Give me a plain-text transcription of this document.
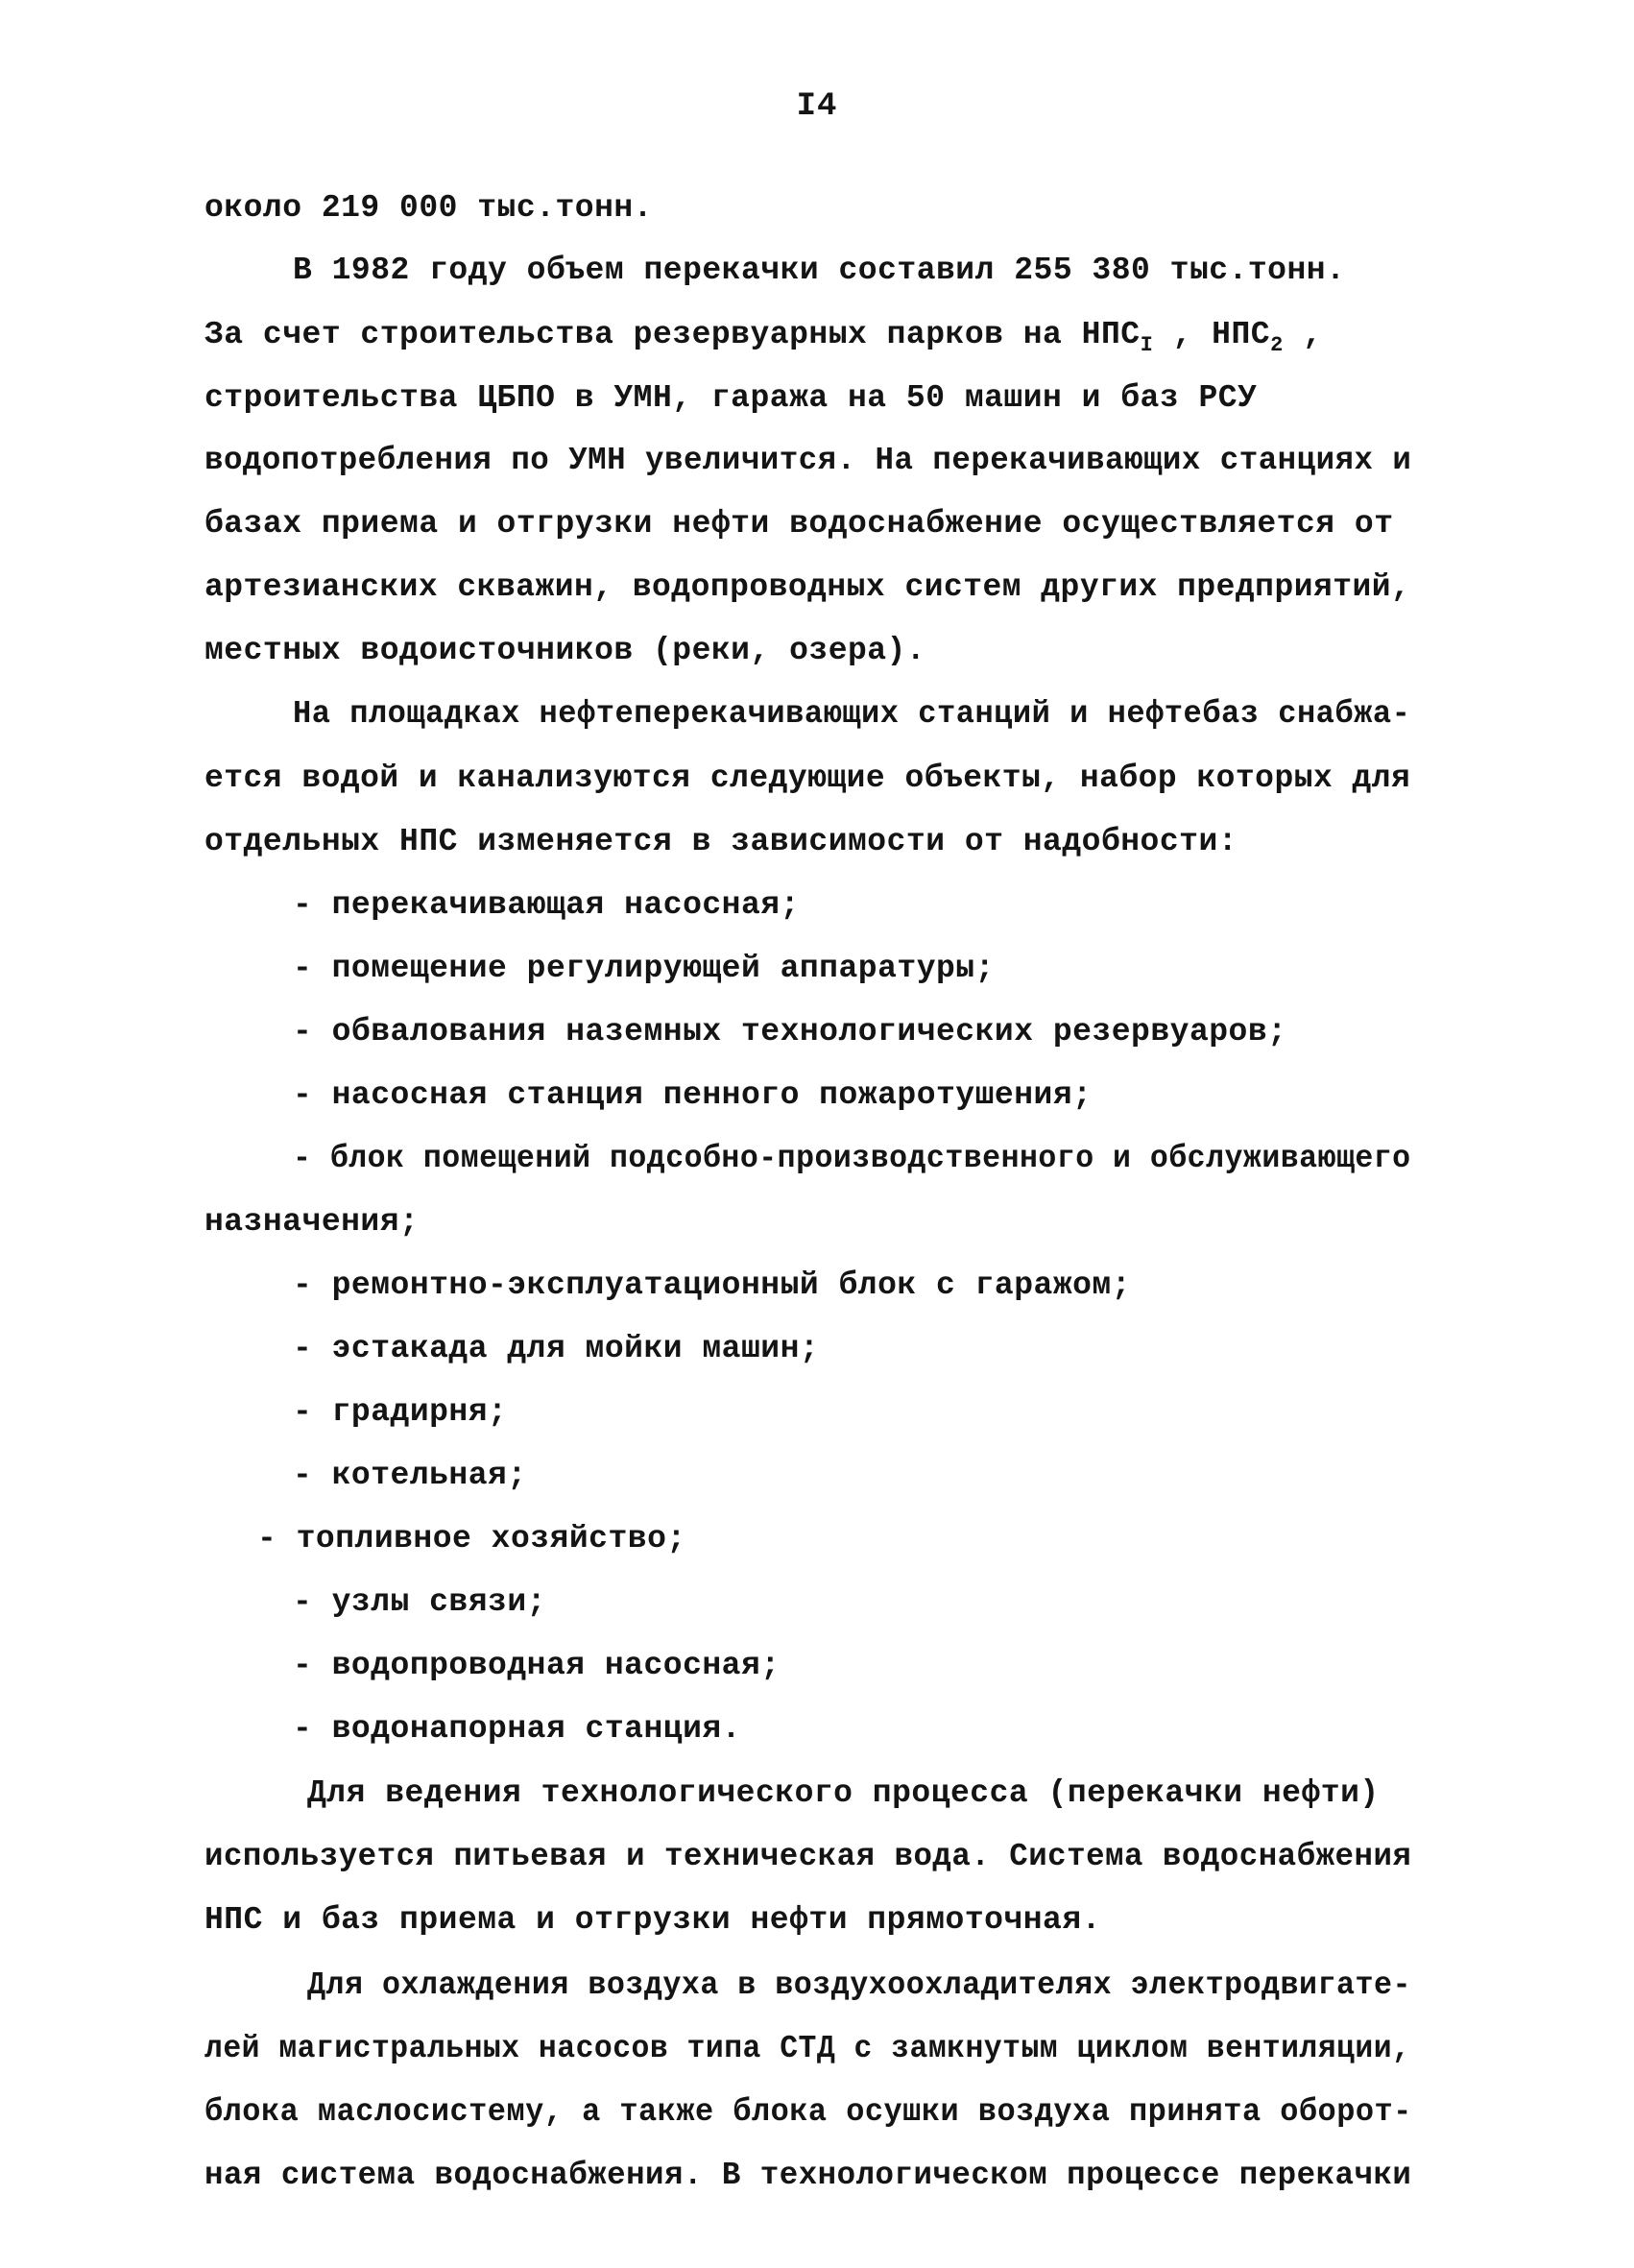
I4
около 219 000 тыс.тонн.
В 1982 году объем перекачки составил 255 380 тыс.тонн.
За счет строительства резервуарных парков на $НПС_I$ , $НПС_2$ ,
строительства ЦБПО в УМН, гаража на 50 машин и баз РСУ
водопотребления по УМН увеличится. На перекачивающих станциях и
базах приема и отгрузки нефти водоснабжение осуществляется от
артезианских скважин, водопроводных систем других предприятий,
местных водоисточников (реки, озера).
На площадках нефтеперекачивающих станций и нефтебаз снабжа-
ется водой и канализуются следующие объекты, набор которых для
отдельных НПС изменяется в зависимости от надобности:
- перекачивающая насосная;
- помещение регулирующей аппаратуры;
- обвалования наземных технологических резервуаров;
- насосная станция пенного пожаротушения;
- блок помещений подсобно-производственного и обслуживающего
назначения;
- ремонтно-эксплуатационный блок с гаражом;
- эстакада для мойки машин;
- градирня;
- котельная;
- топливное хозяйство;
- узлы связи;
- водопроводная насосная;
- водонапорная станция.
Для ведения технологического процесса (перекачки нефти)
используется питьевая и техническая вода. Система водоснабжения
НПС и баз приема и отгрузки нефти прямоточная.
Для охлаждения воздуха в воздухоохладителях электродвигате-
лей магистральных насосов типа СТД с замкнутым циклом вентиляции,
блока маслосистему, а также блока осушки воздуха принята оборот-
ная система водоснабжения. В технологическом процессе перекачки
